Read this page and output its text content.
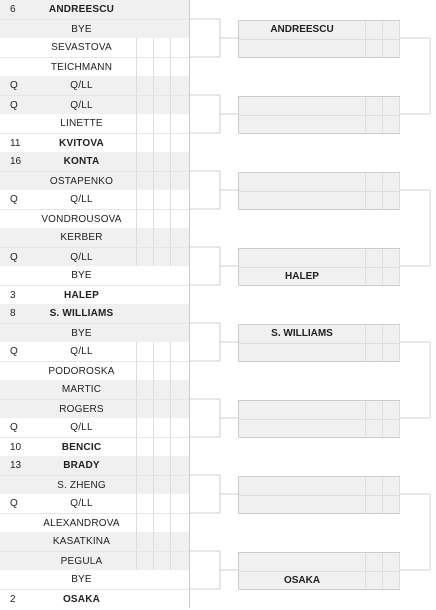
6	ANDREESCU
BYE
SEVASTOVA
TEICHMANN
Q	Q/LL
Q	Q/LL
LINETTE
11	KVITOVA
16	KONTA
OSTAPENKO
Q	Q/LL
VONDROUSOVA
KERBER
Q	Q/LL
BYE
3	HALEP
8	S. WILLIAMS
BYE
Q	Q/LL
PODOROSKA
MARTIC
ROGERS
Q	Q/LL
10	BENCIC
13	BRADY
S. ZHENG
Q	Q/LL
ALEXANDROVA
KASATKINA
PEGULA
BYE
2	OSAKA
ANDREESCU
HALEP
S. WILLIAMS
OSAKA
